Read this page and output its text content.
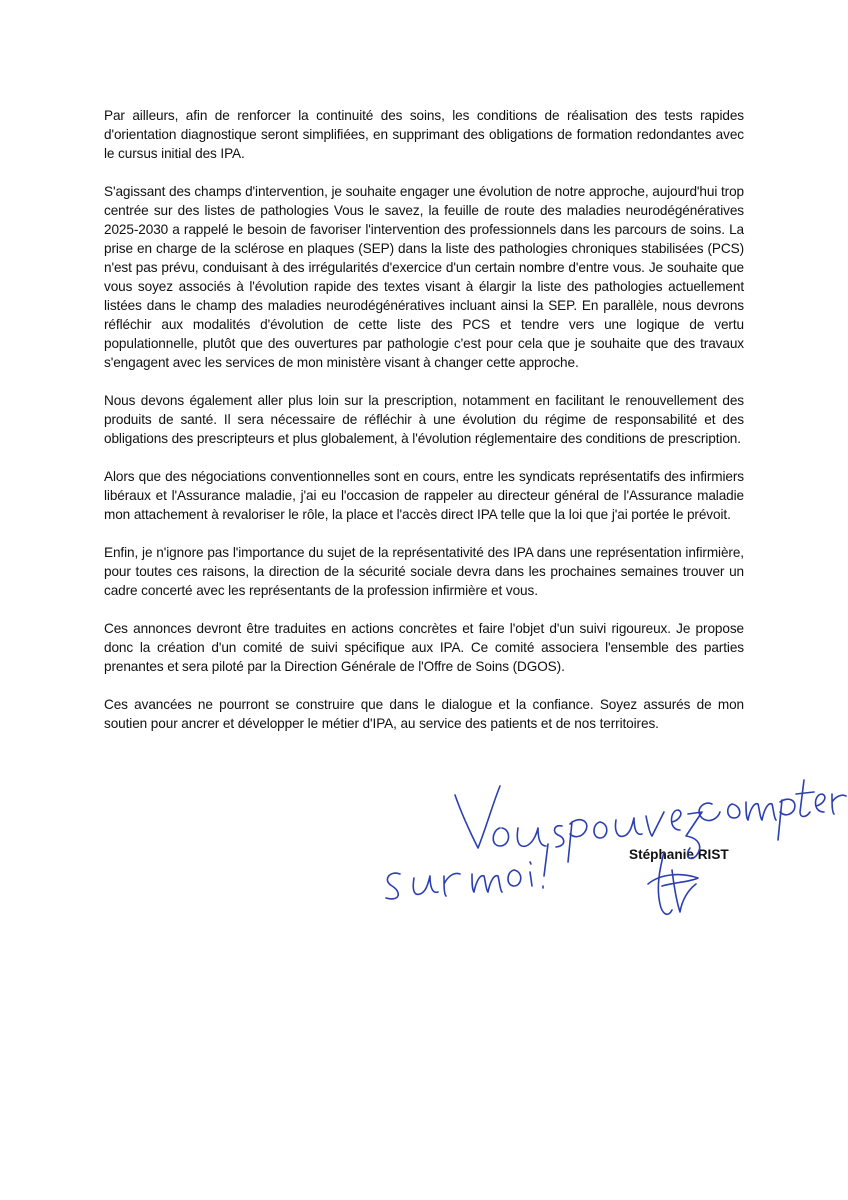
Par ailleurs, afin de renforcer la continuité des soins, les conditions de réalisation des tests rapides d'orientation diagnostique seront simplifiées, en supprimant des obligations de formation redondantes avec le cursus initial des IPA.

S'agissant des champs d'intervention, je souhaite engager une évolution de notre approche, aujourd'hui trop centrée sur des listes de pathologies Vous le savez, la feuille de route des maladies neurodégénératives 2025-2030 a rappelé le besoin de favoriser l'intervention des professionnels dans les parcours de soins. La prise en charge de la sclérose en plaques (SEP) dans la liste des pathologies chroniques stabilisées (PCS) n'est pas prévu, conduisant à des irrégularités d'exercice d'un certain nombre d'entre vous. Je souhaite que vous soyez associés à l'évolution rapide des textes visant à élargir la liste des pathologies actuellement listées dans le champ des maladies neurodégénératives incluant ainsi la SEP. En parallèle, nous devrons réfléchir aux modalités d'évolution de cette liste des PCS et tendre vers une logique de vertu populationnelle, plutôt que des ouvertures par pathologie c'est pour cela que je souhaite que des travaux s'engagent avec les services de mon ministère visant à changer cette approche.

Nous devons également aller plus loin sur la prescription, notamment en facilitant le renouvellement des produits de santé. Il sera nécessaire de réfléchir à une évolution du régime de responsabilité et des obligations des prescripteurs et plus globalement, à l'évolution réglementaire des conditions de prescription.

Alors que des négociations conventionnelles sont en cours, entre les syndicats représentatifs des infirmiers libéraux et l'Assurance maladie, j'ai eu l'occasion de rappeler au directeur général de l'Assurance maladie mon attachement à revaloriser le rôle, la place et l'accès direct IPA telle que la loi que j'ai portée le prévoit.

Enfin, je n'ignore pas l'importance du sujet de la représentativité des IPA dans une représentation infirmière, pour toutes ces raisons, la direction de la sécurité sociale devra dans les prochaines semaines trouver un cadre concerté avec les représentants de la profession infirmière et vous.

Ces annonces devront être traduites en actions concrètes et faire l'objet d'un suivi rigoureux. Je propose donc la création d'un comité de suivi spécifique aux IPA. Ce comité associera l'ensemble des parties prenantes et sera piloté par la Direction Générale de l'Offre de Soins (DGOS).

Ces avancées ne pourront se construire que dans le dialogue et la confiance. Soyez assurés de mon soutien pour ancrer et développer le métier d'IPA, au service des patients et de nos territoires.

Stéphanie RIST
